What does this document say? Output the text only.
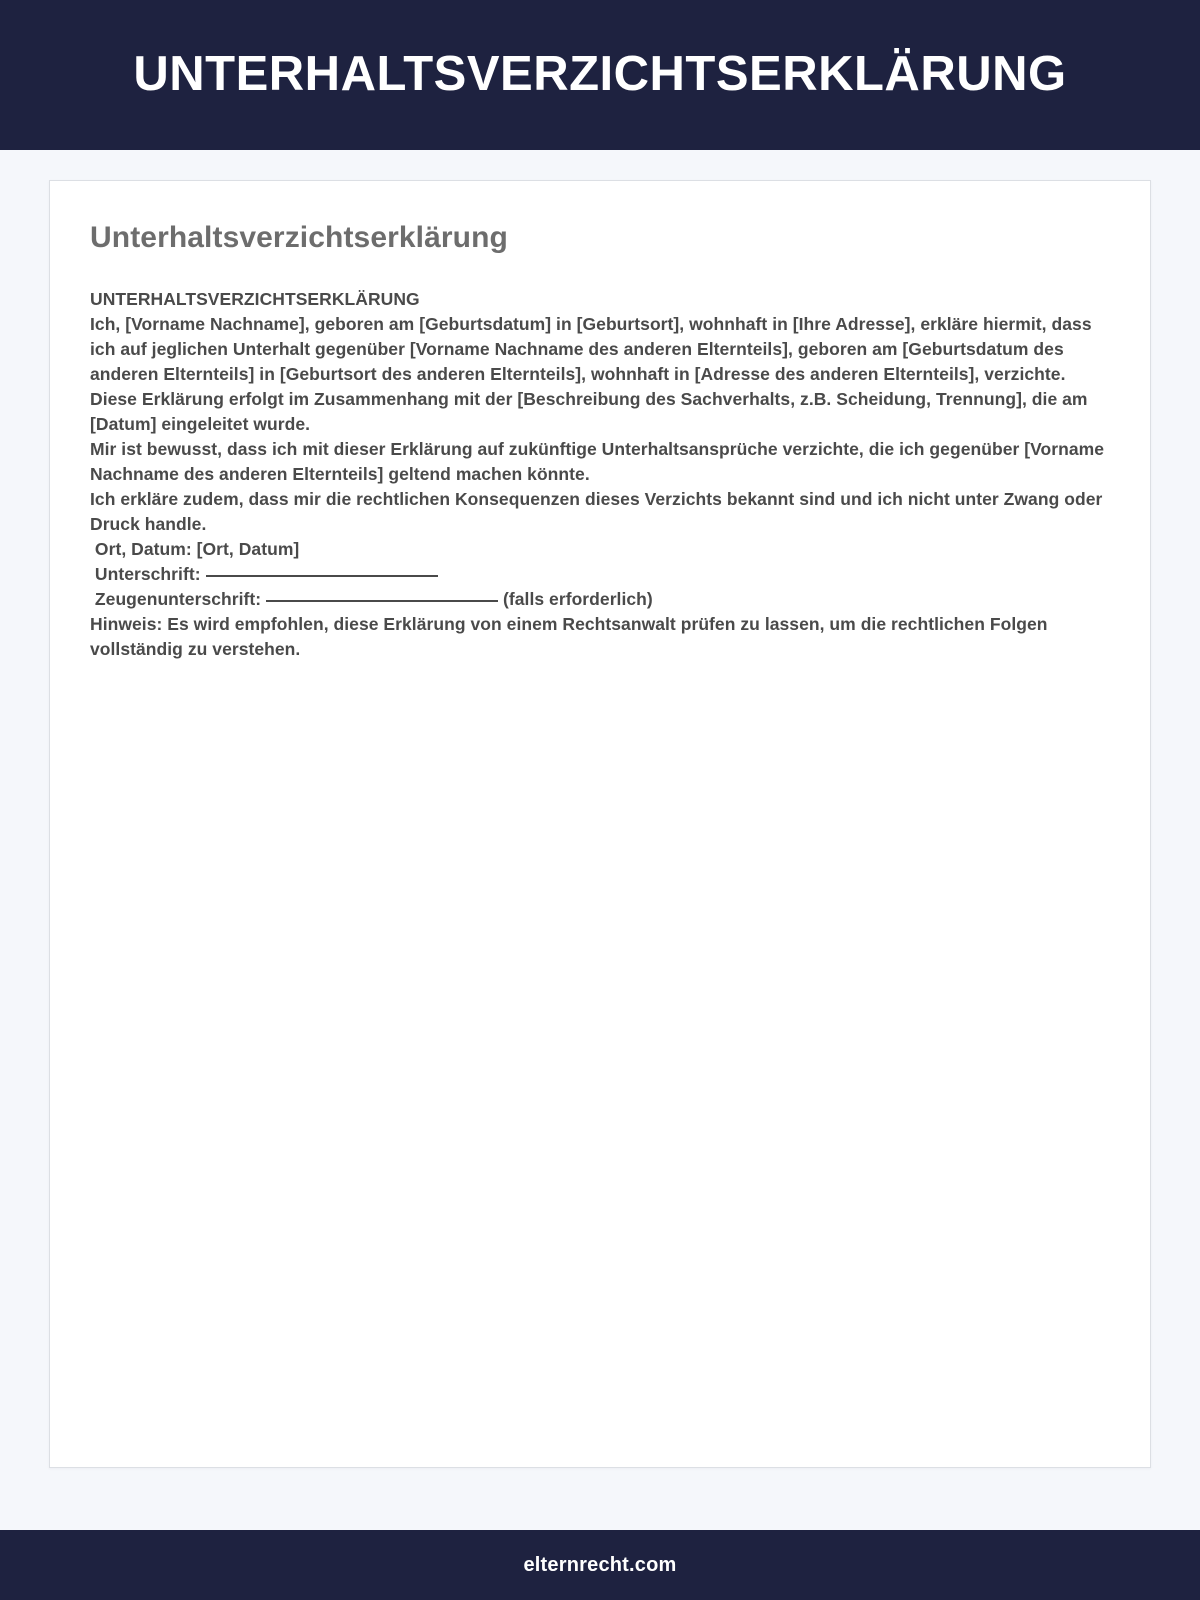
UNTERHALTSVERZICHTSERKLÄRUNG
Unterhaltsverzichtserklärung

UNTERHALTSVERZICHTSERKLÄRUNG

Ich, [Vorname Nachname], geboren am [Geburtsdatum] in [Geburtsort], wohnhaft in [Ihre Adresse], erkläre hiermit, dass ich auf jeglichen Unterhalt gegenüber [Vorname Nachname des anderen Elternteils], geboren am [Geburtsdatum des anderen Elternteils] in [Geburtsort des anderen Elternteils], wohnhaft in [Adresse des anderen Elternteils], verzichte.

Diese Erklärung erfolgt im Zusammenhang mit der [Beschreibung des Sachverhalts, z.B. Scheidung, Trennung], die am [Datum] eingeleitet wurde.

Mir ist bewusst, dass ich mit dieser Erklärung auf zukünftige Unterhaltsansprüche verzichte, die ich gegenüber [Vorname Nachname des anderen Elternteils] geltend machen könnte.

Ich erkläre zudem, dass mir die rechtlichen Konsequenzen dieses Verzichts bekannt sind und ich nicht unter Zwang oder Druck handle.

Ort, Datum: [Ort, Datum]

Unterschrift:

Zeugenunterschrift:	(falls erforderlich)

Hinweis: Es wird empfohlen, diese Erklärung von einem Rechtsanwalt prüfen zu lassen, um die rechtlichen Folgen vollständig zu verstehen.

elternrecht.com
